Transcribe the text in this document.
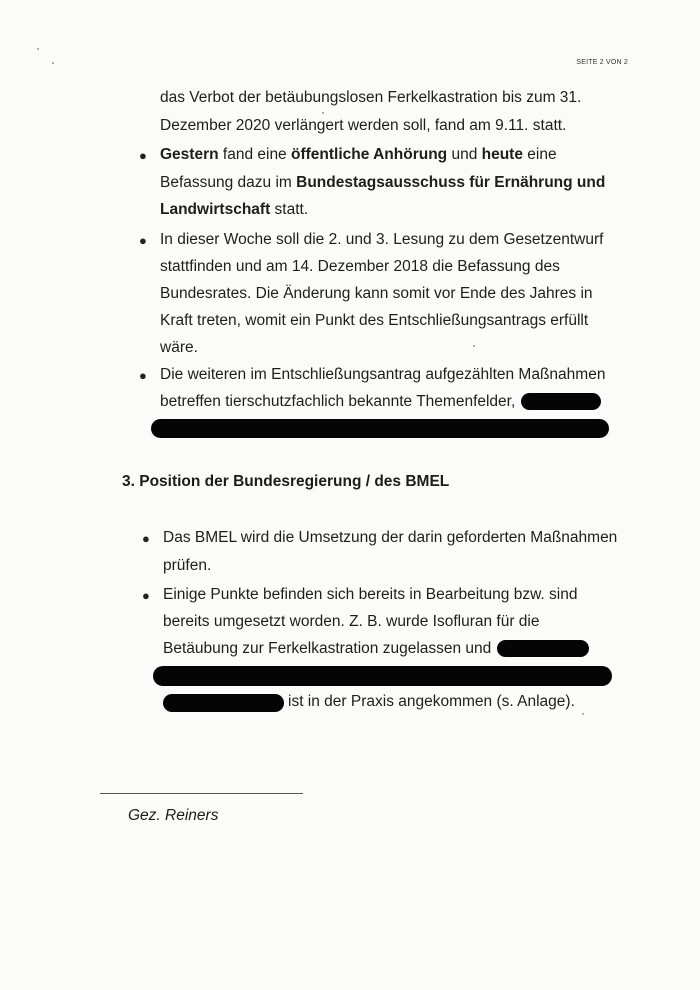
SEITE 2 VON 2
das Verbot der betäubungslosen Ferkelkastration bis zum 31.
Dezember 2020 verlängert werden soll, fand am 9.11. statt.
● Gestern fand eine öffentliche Anhörung und heute eine
Befassung dazu im Bundestagsausschuss für Ernährung und
Landwirtschaft statt.
● In dieser Woche soll die 2. und 3. Lesung zu dem Gesetzentwurf
stattfinden und am 14. Dezember 2018 die Befassung des
Bundesrates. Die Änderung kann somit vor Ende des Jahres in
Kraft treten, womit ein Punkt des Entschließungsantrags erfüllt
wäre.
● Die weiteren im Entschließungsantrag aufgezählten Maßnahmen
betreffen tierschutzfachlich bekannte Themenfelder,
3. Position der Bundesregierung / des BMEL
● Das BMEL wird die Umsetzung der darin geforderten Maßnahmen
prüfen.
● Einige Punkte befinden sich bereits in Bearbeitung bzw. sind
bereits umgesetzt worden. Z. B. wurde Isofluran für die
Betäubung zur Ferkelkastration zugelassen und
ist in der Praxis angekommen (s. Anlage).
Gez. Reiners
